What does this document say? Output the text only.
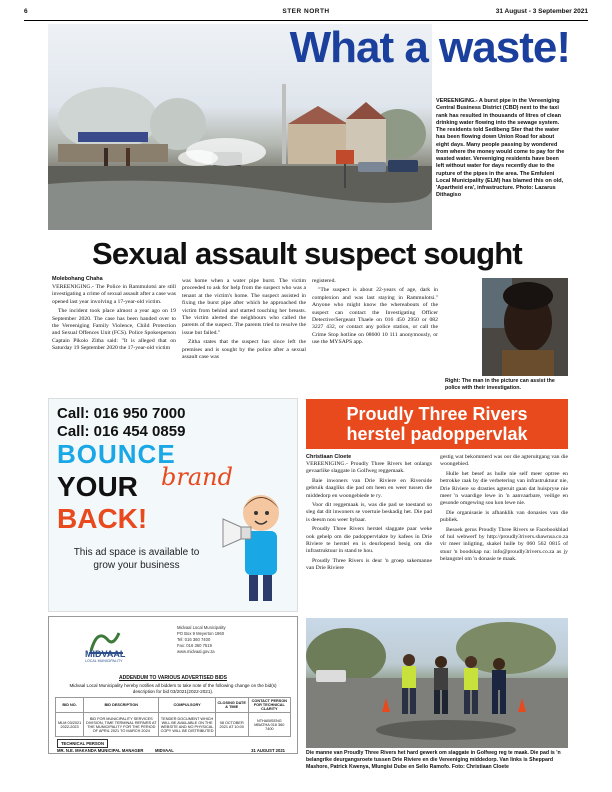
6	STER NORTH	31 August - 3 September 2021
What a waste!
VEREENIGING.- A burst pipe in the Vereeniging Central Business District (CBD) next to the taxi rank has resulted in thousands of litres of clean drinking water flowing into the sewage system. The residents told Sedibeng Ster that the water has been flowing down Union Road for about eight days. Many people passing by wondered from where the money would come to pay for the wasted water. Vereeniging residents have been left without water for days recently due to the rupture of the pipes in the area. The Emfuleni Local Municipality (ELM) has blamed this on old, 'Apartheid era', infrastructure. Photo: Lazarus Dithagiso
Sexual assault suspect sought
Molebohang Chaha

VEREENIGING.- The Police in Rammulotsi are still investigating a crime of sexual assault after a case was opened last year involving a 17-year-old victim.

The incident took place almost a year ago on 19 September 2020. The case has been handed over to the Vereeniging Family Violence, Child Protection and Sexual Offences Unit (FCS). Police Spokesperson Captain Pikolo Zitha said: "It is alleged that on Saturday 19 September 2020 the 17-year-old victim

was home when a water pipe burst. The victim proceeded to ask for help from the suspect who was a tenant at the victim's home. The suspect assisted in fixing the burst pipe after which he approached the victim from behind and started touching her breasts. The victim alerted the neighbours who called the parents of the suspect. The parents tried to resolve the issue but failed."

Zitha states that the suspect has since left the premises and is sought by the police after a sexual assault case was

registered.

"The suspect is about 22-years of age, dark in complexion and was last staying in Rammulotsi." Anyone who might know the whereabouts of the suspect can contact the Investigating Officer Detective/Sergeant Thaele on 016 450 2950 or 082 3227 432, or contact any police station, or call the Crime Stop hotline on 08600 10 111 anonymously, or use the MYSAPS app.

Right: The man in the picture can assist the police with their investigation.
Call: 016 950 7000
Call: 016 454 0859
BOUNCE
YOUR brand
BACK!
This ad space is available to
grow your business
Proudly Three Rivers
herstel padoppervlak
Christiaan Cloete

VEREENIGING.- Proudly Three Rivers het onlangs gevaarlike slaggate in Golfweg reggemaak.

Baie inwoners van Drie Riviere en Riverside gebruik daagliks die pad om heen en weer tussen die middedorp en woongebiede te ry.

Voor dit reggemaak is, was die pad se toestand so sleg dat dit inwoners se voertuie beskadig het. Die pad is deesm nou weer bybaar.

Proudly Three Rivers herstel slaggate paar weke ook gehelp om die padoppervlakte by kafees in Drie Riviere te herstel en is deurlopend besig om die infrastruktuur in stand te hou.

Proudly Three Rivers is deur 'n groep sakemanne van Drie Riviere

gestig wat bekommerd was oor die agteruitgang van die woongebied.

Hulle het besef as hulle nie self meer optree en betrokke raak by die verbetering van infrastruktuur nie, Drie Riviere so drasties agteruit gaan dat huispryse nie meer 'n waardige lewe in 'n aanvaarbare, veilige en gesonde omgewing sou kon lewe nie.

Die organisasie is afhanklik van donasies van die publiek.

Besoek gerus Proudly Three Rivers se Facebookblad of hul webwerf by http://proudly3rivers.shawnsa.co.za vir meer inligting, skakel hulle by 060 562 0815 of stuur 'n boodskap na: info@proudly3rivers.co.za as jy belangstel om 'n donasie te maak.

Die manne van Proudly Three Rivers het hard gewerk om slaggate in Golfweg reg te maak. Die pad is 'n belangrike deurgangsroete tussen Drie Riviere en die Vereeniging middedorp. Van links is Sheppard Mashore, Patrick Kwenya, Mlungisi Dube en Sello Ramofo. Foto: Christiaan Cloete
MIDVAAL
LOCAL MUNICIPALITY
Midvaal Local Municipality
PO Box 9 Meyerton 1960
Tel: 016 360 7400
Fax: 016 360 7519
www.midvaal.gov.za
ADDENDUM TO VARIOUS ADVERTISED BIDS
Midvaal Local Municipality hereby notifies all bidders to take note of the following change on the bid(s) description for bid 03/2021(2022-2021).
BID NO.	BID DESCRIPTION	COMPULSORY	CLOSING DATE & TIME	CONTACT PERSON FOR TECHNICAL CLARITY
MLM 03/2021 2022-2023	BID FOR MUNICIPALITY SERVICES DIVISION, TIME TERMINAL REPAIRS AT THE MUNICIPALITY FOR THE PERIOD OF APRIL 2021 TO MARCH 2024	TENDER DOCUMENT WHICH WILL BE AVAILABLE ON THE WEBSITE AND NO PHYSICAL COPY WILL BE DISTRIBUTED	08 OCTOBER 2021 AT 10:00	NTHABISENG MBATHA 016 360 7400
TECHNICAL PERSON
MR. N.E. MAKANDA MUNICIPAL MANAGER	MIDVAAL	31 AUGUST 2021
